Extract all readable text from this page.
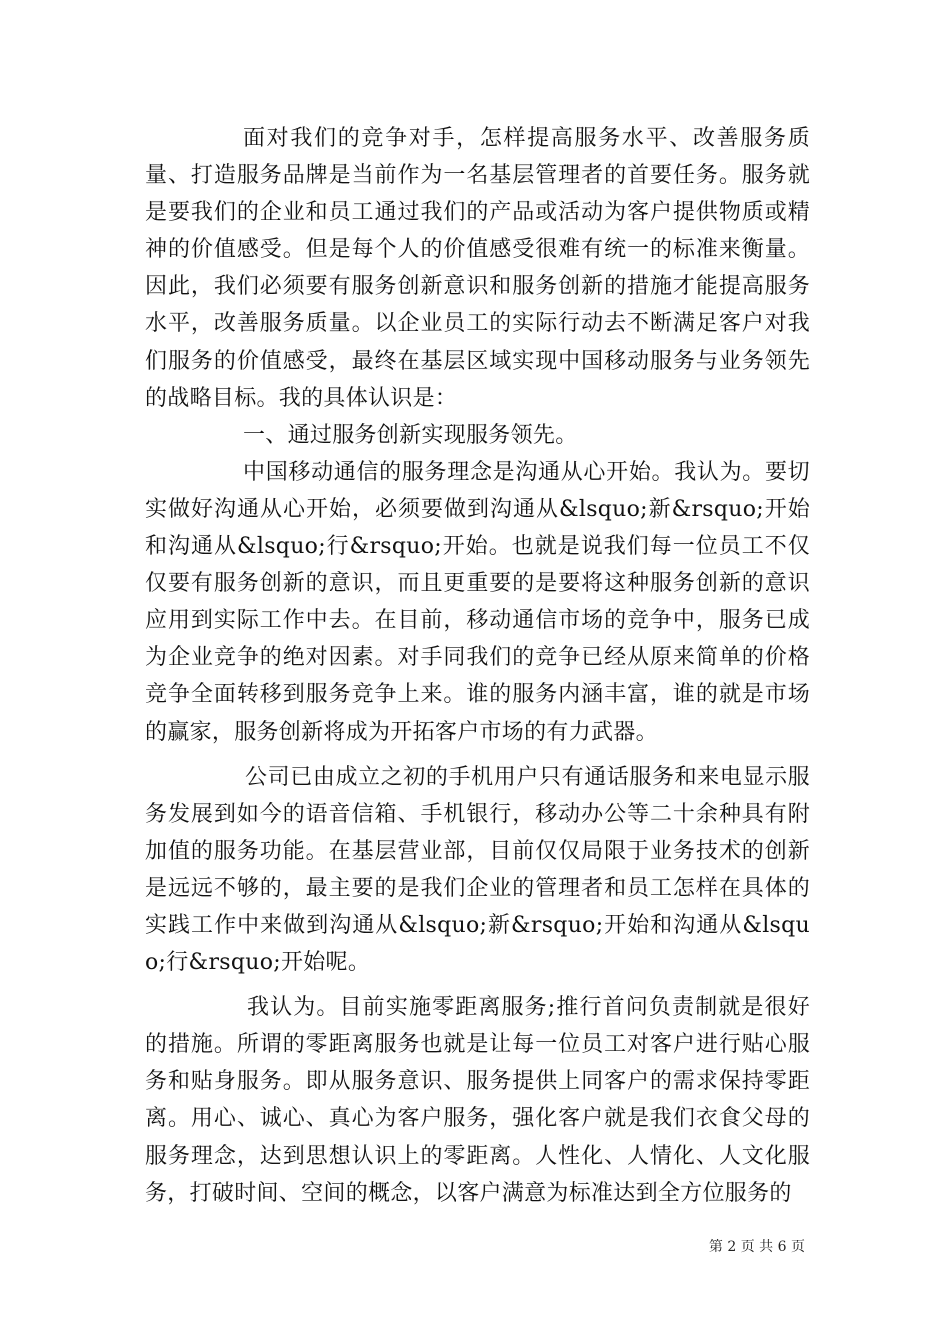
面对我们的竞争对手，怎样提高服务水平、改善服务质量、打造服务品牌是当前作为一名基层管理者的首要任务。服务就是要我们的企业和员工通过我们的产品或活动为客户提供物质或精神的价值感受。但是每个人的价值感受很难有统一的标准来衡量。因此，我们必须要有服务创新意识和服务创新的措施才能提高服务水平，改善服务质量。以企业员工的实际行动去不断满足客户对我们服务的价值感受，最终在基层区域实现中国移动服务与业务领先的战略目标。我的具体认识是：

一、通过服务创新实现服务领先。

中国移动通信的服务理念是沟通从心开始。我认为。要切实做好沟通从心开始，必须要做到沟通从&lsquo;新&rsquo;开始和沟通从&lsquo;行&rsquo;开始。也就是说我们每一位员工不仅仅要有服务创新的意识，而且更重要的是要将这种服务创新的意识应用到实际工作中去。在目前，移动通信市场的竞争中，服务已成为企业竞争的绝对因素。对手同我们的竞争已经从原来简单的价格竞争全面转移到服务竞争上来。谁的服务内涵丰富，谁的就是市场的赢家，服务创新将成为开拓客户市场的有力武器。

公司已由成立之初的手机用户只有通话服务和来电显示服务发展到如今的语音信箱、手机银行，移动办公等二十余种具有附加值的服务功能。在基层营业部，目前仅仅局限于业务技术的创新是远远不够的，最主要的是我们企业的管理者和员工怎样在具体的实践工作中来做到沟通从&lsquo;新&rsquo;开始和沟通从&lsquo;行&rsquo;开始呢。

我认为。目前实施零距离服务;推行首问负责制就是很好的措施。所谓的零距离服务也就是让每一位员工对客户进行贴心服务和贴身服务。即从服务意识、服务提供上同客户的需求保持零距离。用心、诚心、真心为客户服务，强化客户就是我们衣食父母的服务理念，达到思想认识上的零距离。人性化、人情化、人文化服务，打破时间、空间的概念，以客户满意为标准达到全方位服务的

第 2 页 共 6 页
